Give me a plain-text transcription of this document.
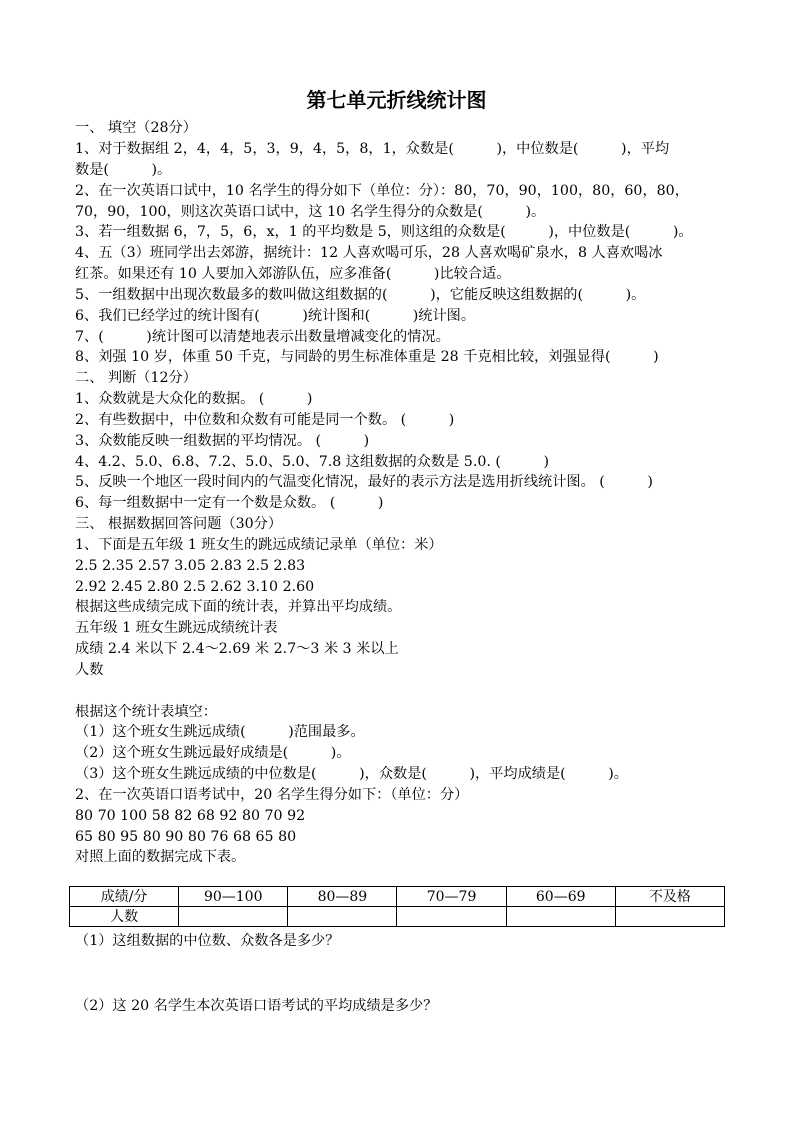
第七单元折线统计图
一、 填空（28分）
1、对于数据组 2，4，4，5，3，9，4，5，8，1，众数是(　　　)，中位数是(　　　)，平均
数是(　　　)。
2、在一次英语口试中，10 名学生的得分如下（单位：分）：80，70，90，100，80，60，80，
70，90，100，则这次英语口试中，这 10 名学生得分的众数是(　　　)。
3、若一组数据 6，7，5，6，x，1 的平均数是 5，则这组的众数是(　　　)，中位数是(　　　)。
4、五（3）班同学出去郊游，据统计：12 人喜欢喝可乐，28 人喜欢喝矿泉水，8 人喜欢喝冰
红茶。如果还有 10 人要加入郊游队伍，应多准备(　　　)比较合适。
5、一组数据中出现次数最多的数叫做这组数据的(　　　)，它能反映这组数据的(　　　)。
6、我们已经学过的统计图有(　　　)统计图和(　　　)统计图。
7、(　　　)统计图可以清楚地表示出数量增减变化的情况。
8、刘强 10 岁，体重 50 千克，与同龄的男生标准体重是 28 千克相比较，刘强显得(　　　)
二、 判断（12分）
1、众数就是大众化的数据。 (　　　)
2、有些数据中，中位数和众数有可能是同一个数。 (　　　)
3、众数能反映一组数据的平均情况。 (　　　)
4、4.2、5.0、6.8、7.2、5.0、5.0、7.8 这组数据的众数是 5.0. (　　　)
5、反映一个地区一段时间内的气温变化情况，最好的表示方法是选用折线统计图。 (　　　)
6、每一组数据中一定有一个数是众数。 (　　　)
三、 根据数据回答问题（30分）
1、下面是五年级 1 班女生的跳远成绩记录单（单位：米）
2.5 2.35 2.57 3.05 2.83 2.5 2.83
2.92 2.45 2.80 2.5 2.62 3.10 2.60
根据这些成绩完成下面的统计表，并算出平均成绩。
五年级 1 班女生跳远成绩统计表
成绩 2.4 米以下 2.4～2.69 米 2.7～3 米 3 米以上
人数
根据这个统计表填空：
（1）这个班女生跳远成绩(　　　)范围最多。
（2）这个班女生跳远最好成绩是(　　　)。
（3）这个班女生跳远成绩的中位数是(　　　)，众数是(　　　)，平均成绩是(　　　)。
2、在一次英语口语考试中，20 名学生得分如下：（单位：分）
80 70 100 58 82 68 92 80 70 92
65 80 95 80 90 80 76 68 65 80
对照上面的数据完成下表。
成绩/分	90—100	80—89	70—79	60—69	不及格
人数					
（1）这组数据的中位数、众数各是多少？
（2）这 20 名学生本次英语口语考试的平均成绩是多少？
